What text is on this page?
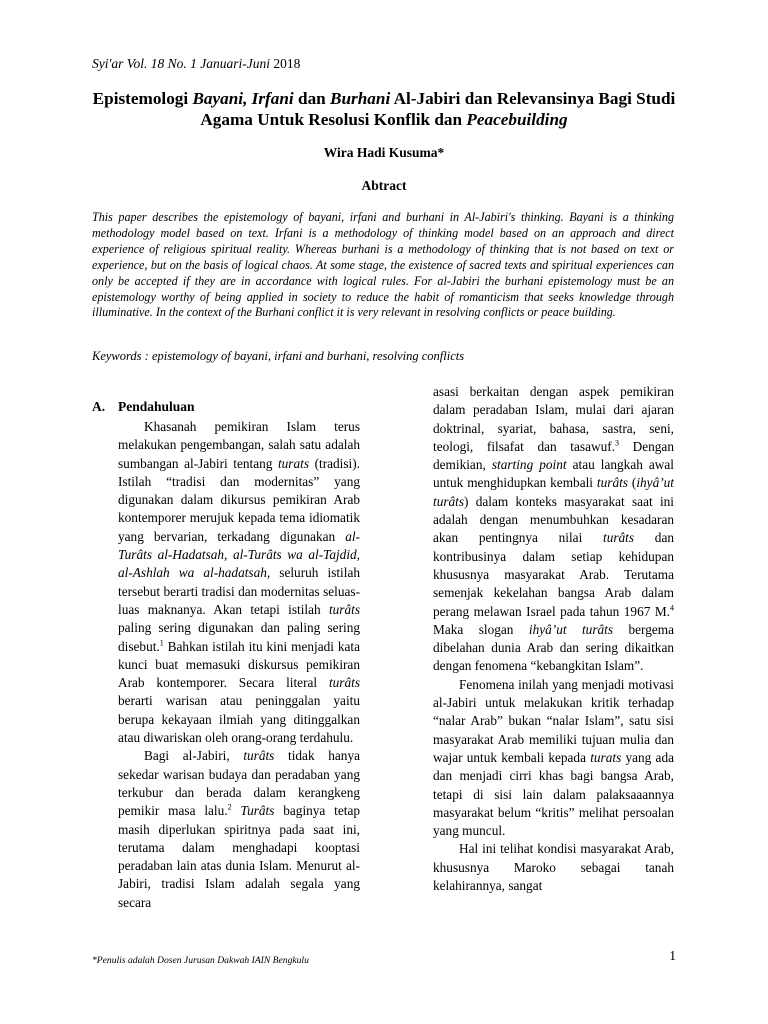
Syi'ar Vol. 18 No. 1 Januari-Juni 2018
Epistemologi Bayani, Irfani dan Burhani Al-Jabiri dan Relevansinya Bagi Studi Agama Untuk Resolusi Konflik dan Peacebuilding
Wira Hadi Kusuma*
Abtract

This paper describes the epistemology of bayani, irfani and burhani in Al-Jabiri's thinking. Bayani is a thinking methodology model based on text. Irfani is a methodology of thinking model based on an approach and direct experience of religious spiritual reality. Whereas burhani is a methodology of thinking that is not based on text or experience, but on the basis of logical chaos. At some stage, the existence of sacred texts and spiritual experiences can only be accepted if they are in accordance with logical rules. For al-Jabiri the burhani epistemology must be an epistemology worthy of being applied in society to reduce the habit of romanticism that seeks knowledge through illuminative. In the context of the Burhani conflict it is very relevant in resolving conflicts or peace building.

Keywords : epistemology of bayani, irfani and burhani, resolving conflicts
A. Pendahuluan

Khasanah pemikiran Islam terus melakukan pengembangan, salah satu adalah sumbangan al-Jabiri tentang turats (tradisi). Istilah “tradisi dan modernitas” yang digunakan dalam dikursus pemikiran Arab kontemporer merujuk kepada tema idiomatik yang bervarian, terkadang digunakan al-Turâts al-Hadatsah, al-Turâts wa al-Tajdid, al-Ashlah wa al-hadatsah, seluruh istilah tersebut berarti tradisi dan modernitas seluas-luas maknanya. Akan tetapi istilah turâts paling sering digunakan dan paling sering disebut.$^1$ Bahkan istilah itu kini menjadi kata kunci buat memasuki diskursus pemikiran Arab kontemporer. Secara literal turâts berarti warisan atau peninggalan yaitu berupa kekayaan ilmiah yang ditinggalkan atau diwariskan oleh orang-orang terdahulu.

Bagi al-Jabiri, turâts tidak hanya sekedar warisan budaya dan peradaban yang terkubur dan berada dalam kerangkeng pemikir masa lalu.$^2$ Turâts baginya tetap masih diperlukan spiritnya pada saat ini, terutama dalam menghadapi kooptasi peradaban lain atas dunia Islam. Menurut al-Jabiri, tradisi Islam adalah segala yang secara

asasi berkaitan dengan aspek pemikiran dalam peradaban Islam, mulai dari ajaran doktrinal, syariat, bahasa, sastra, seni, teologi, filsafat dan tasawuf.$^3$ Dengan demikian, starting point atau langkah awal untuk menghidupkan kembali turâts (ihyâ’ut turâts) dalam konteks masyarakat saat ini adalah dengan menumbuhkan kesadaran akan pentingnya nilai turâts dan kontribusinya dalam setiap kehidupan khususnya masyarakat Arab. Terutama semenjak kekelahan bangsa Arab dalam perang melawan Israel pada tahun 1967 M.$^4$ Maka slogan ihyâ’ut turâts bergema dibelahan dunia Arab dan sering dikaitkan dengan fenomena “kebangkitan Islam”.

Fenomena inilah yang menjadi motivasi al-Jabiri untuk melakukan kritik terhadap “nalar Arab” bukan “nalar Islam”, satu sisi masyarakat Arab memiliki tujuan mulia dan wajar untuk kembali kepada turats yang ada dan menjadi cirri khas bagi bangsa Arab, tetapi di sisi lain dalam palaksaaannya masyarakat belum “kritis” melihat persoalan yang muncul.

Hal ini telihat kondisi masyarakat Arab, khususnya Maroko sebagai tanah kelahirannya, sangat

*Penulis adalah Dosen Jurusan Dakwah IAIN Bengkulu	1
